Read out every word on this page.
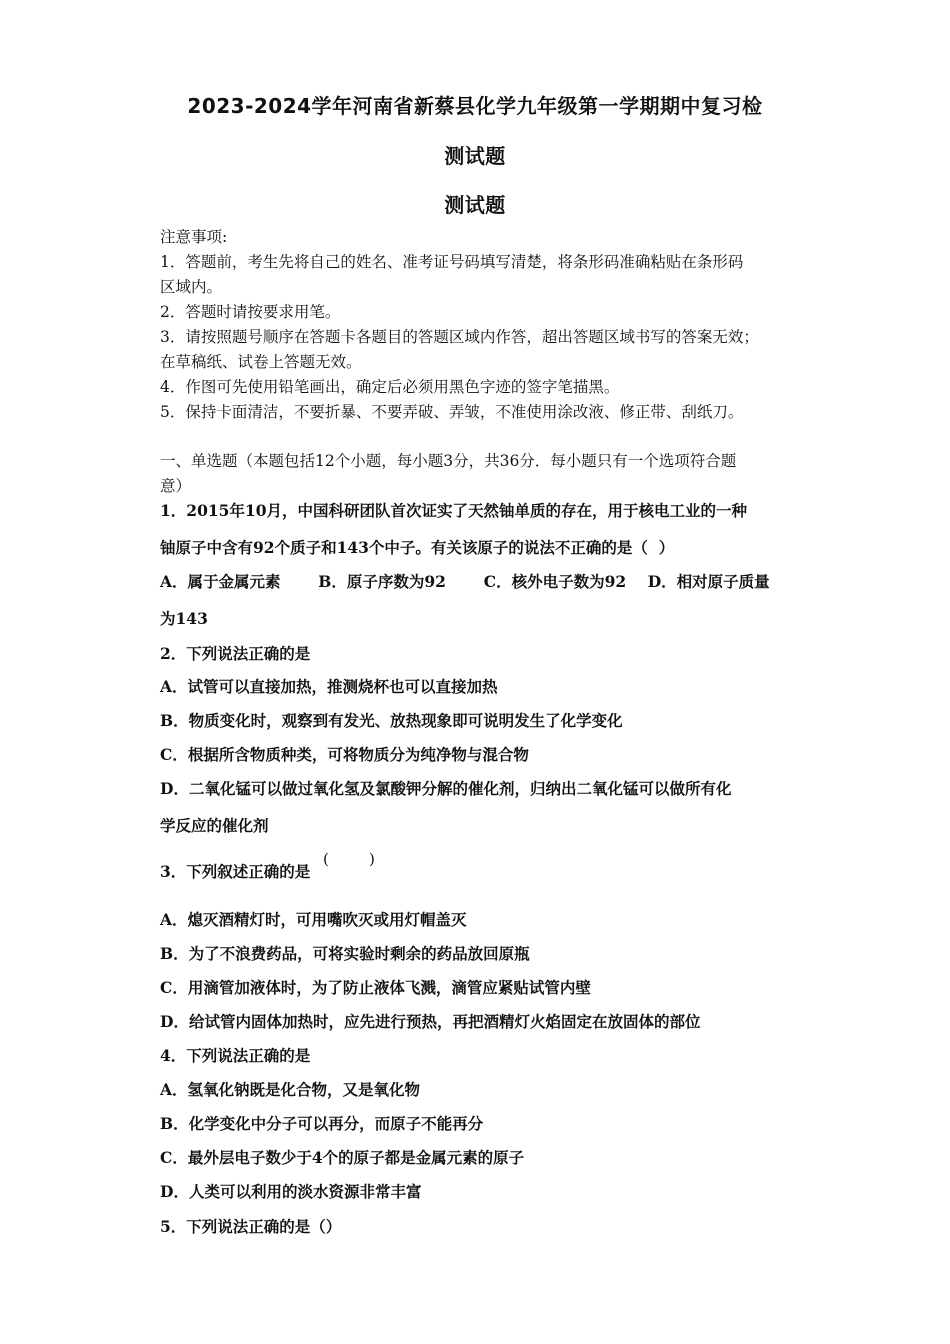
2023-2024学年河南省新蔡县化学九年级第一学期期中复习检
测试题
测试题
注意事项:
1．答题前，考生先将自己的姓名、准考证号码填写清楚，将条形码准确粘贴在条形码
区域内。
2．答题时请按要求用笔。
3．请按照题号顺序在答题卡各题目的答题区域内作答，超出答题区域书写的答案无效；
在草稿纸、试卷上答题无效。
4．作图可先使用铅笔画出，确定后必须用黑色字迹的签字笔描黑。
5．保持卡面清洁，不要折暴、不要弄破、弄皱，不准使用涂改液、修正带、刮纸刀。
一、单选题（本题包括12个小题，每小题3分，共36分．每小题只有一个选项符合题
意）
1．2015年10月，中国科研团队首次证实了天然铀单质的存在，用于核电工业的一种
铀原子中含有92个质子和143个中子。有关该原子的说法不正确的是（  ）
A．属于金属元素       B．原子序数为92       C．核外电子数为92    D．相对原子质量
为143
2．下列说法正确的是
A．试管可以直接加热，推测烧杯也可以直接加热
B．物质变化时，观察到有发光、放热现象即可说明发生了化学变化
C．根据所含物质种类，可将物质分为纯净物与混合物
D．二氧化锰可以做过氧化氢及氯酸钾分解的催化剂，归纳出二氧化锰可以做所有化
学反应的催化剂
3．下列叙述正确的是
(	)
A．熄灭酒精灯时，可用嘴吹灭或用灯帽盖灭
B．为了不浪费药品，可将实验时剩余的药品放回原瓶
C．用滴管加液体时，为了防止液体飞溅，滴管应紧贴试管内壁
D．给试管内固体加热时，应先进行预热，再把酒精灯火焰固定在放固体的部位
4．下列说法正确的是
A．氢氧化钠既是化合物，又是氧化物
B．化学变化中分子可以再分，而原子不能再分
C．最外层电子数少于4个的原子都是金属元素的原子
D．人类可以利用的淡水资源非常丰富
5．下列说法正确的是（）
